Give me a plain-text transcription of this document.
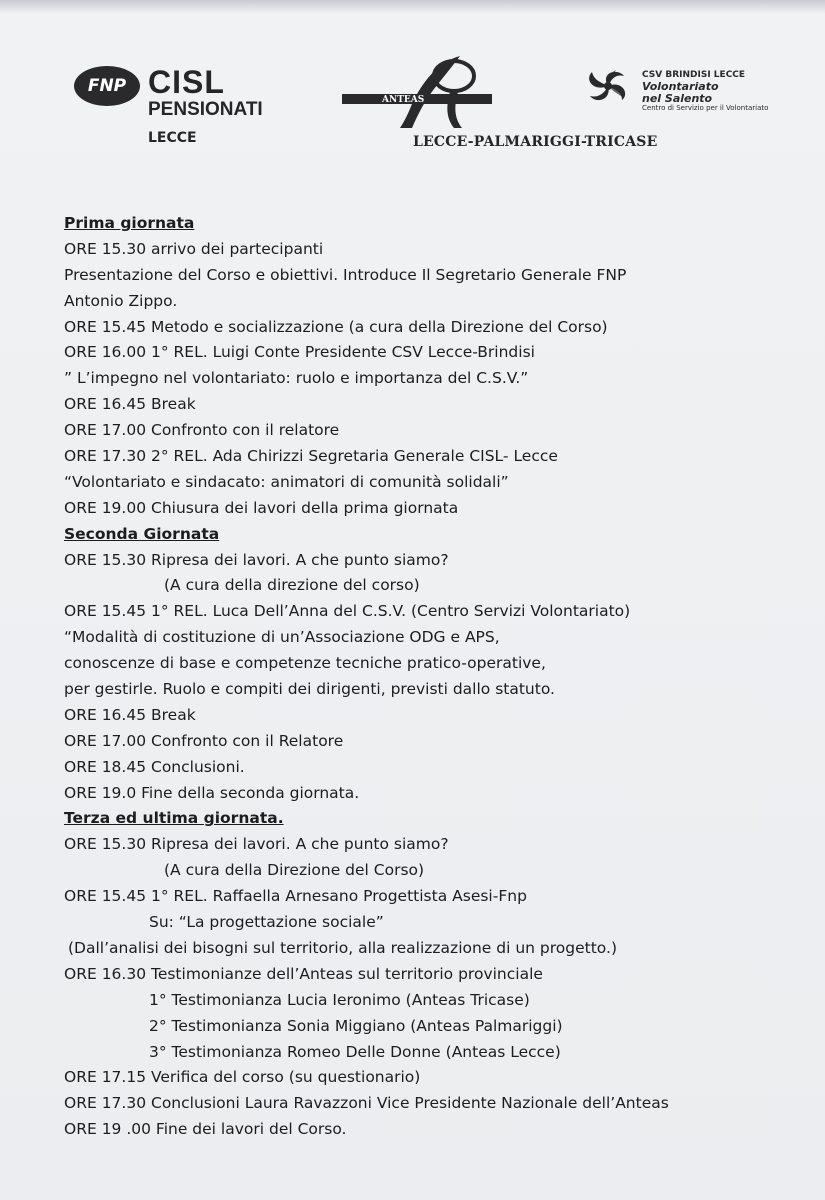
FNP CISL
PENSIONATI
LECCE
ANTEAS
LECCE-PALMARIGGI-TRICASE
CSV BRINDISI LECCE
Volontariato
nel Salento
Centro di Servizio per il Volontariato
Prima giornata
ORE 15.30 arrivo dei partecipanti
Presentazione del Corso e obiettivi. Introduce Il Segretario Generale FNP
Antonio Zippo.
ORE 15.45 Metodo e socializzazione (a cura della Direzione del Corso)
ORE 16.00 1° REL. Luigi Conte Presidente CSV Lecce-Brindisi
” L’impegno nel volontariato: ruolo e importanza del C.S.V.”
ORE 16.45 Break
ORE 17.00 Confronto con il relatore
ORE 17.30 2° REL. Ada Chirizzi Segretaria Generale CISL- Lecce
“Volontariato e sindacato: animatori di comunità solidali”
ORE 19.00 Chiusura dei lavori della prima giornata
Seconda Giornata
ORE 15.30 Ripresa dei lavori. A che punto siamo?
(A cura della direzione del corso)
ORE 15.45 1° REL. Luca Dell’Anna del C.S.V. (Centro Servizi Volontariato)
“Modalità di costituzione di un’Associazione ODG e APS,
conoscenze di base e competenze tecniche pratico-operative,
per gestirle. Ruolo e compiti dei dirigenti, previsti dallo statuto.
ORE 16.45 Break
ORE 17.00 Confronto con il Relatore
ORE 18.45 Conclusioni.
ORE 19.0 Fine della seconda giornata.
Terza ed ultima giornata.
ORE 15.30 Ripresa dei lavori. A che punto siamo?
(A cura della Direzione del Corso)
ORE 15.45 1° REL. Raffaella Arnesano Progettista Asesi-Fnp
Su: “La progettazione sociale”
(Dall’analisi dei bisogni sul territorio, alla realizzazione di un progetto.)
ORE 16.30 Testimonianze dell’Anteas sul territorio provinciale
1° Testimonianza Lucia Ieronimo (Anteas Tricase)
2° Testimonianza Sonia Miggiano (Anteas Palmariggi)
3° Testimonianza Romeo Delle Donne (Anteas Lecce)
ORE 17.15 Verifica del corso (su questionario)
ORE 17.30 Conclusioni Laura Ravazzoni Vice Presidente Nazionale dell’Anteas
ORE 19 .00 Fine dei lavori del Corso.
